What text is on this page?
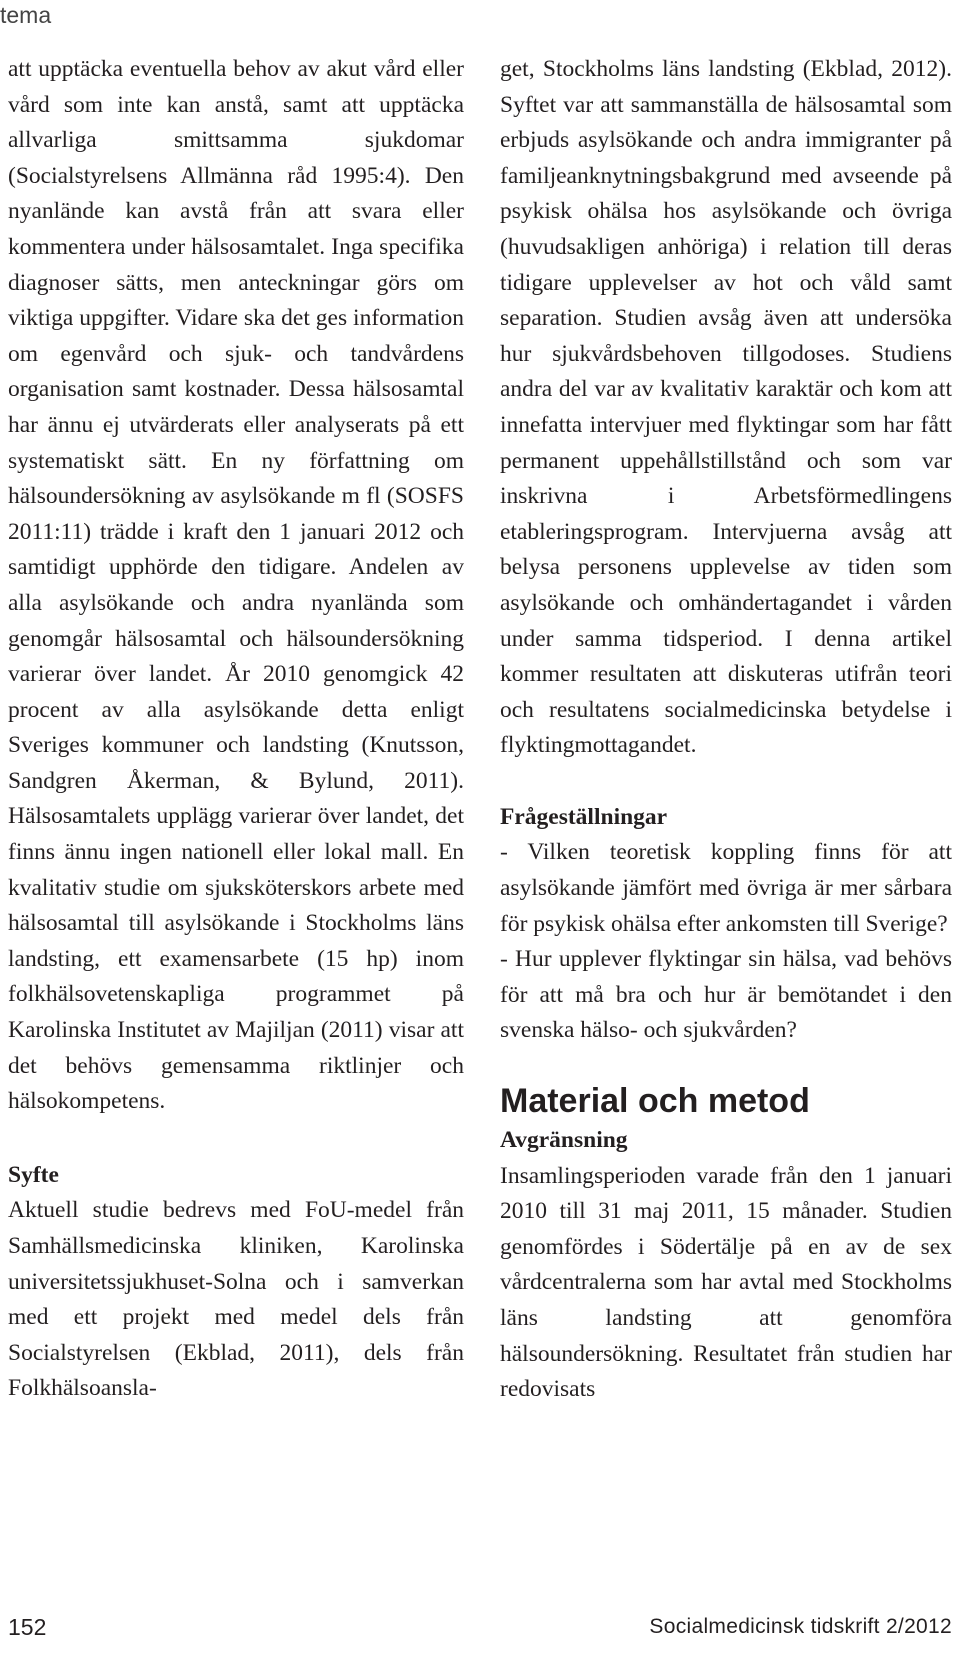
tema

att upptäcka eventuella behov av akut vård eller vård som inte kan anstå, samt att upptäcka allvarliga smittsamma sjukdomar (Socialstyrelsens Allmänna råd 1995:4). Den nyanlände kan avstå från att svara eller kommentera under hälsosamtalet. Inga specifika diagnoser sätts, men anteckningar görs om viktiga uppgifter. Vidare ska det ges information om egenvård och sjuk- och tandvårdens organisation samt kostnader. Dessa hälsosamtal har ännu ej utvärderats eller analyserats på ett systematiskt sätt. En ny författning om hälsoundersökning av asylsökande m fl (SOSFS 2011:11) trädde i kraft den 1 januari 2012 och samtidigt upphörde den tidigare. Andelen av alla asylsökande och andra nyanlända som genomgår hälsosamtal och hälsoundersökning varierar över landet. År 2010 genomgick 42 procent av alla asylsökande detta enligt Sveriges kommuner och landsting (Knutsson, Sandgren Åkerman, & Bylund, 2011). Hälsosamtalets upplägg varierar över landet, det finns ännu ingen nationell eller lokal mall. En kvalitativ studie om sjuksköterskors arbete med hälsosamtal till asylsökande i Stockholms läns landsting, ett examensarbete (15 hp) inom folkhälsovetenskapliga programmet på Karolinska Institutet av Majiljan (2011) visar att det behövs gemensamma riktlinjer och hälsokompetens.

Syfte

Aktuell studie bedrevs med FoU-medel från Samhällsmedicinska kliniken, Karolinska universitetssjukhuset-Solna och i samverkan med ett projekt med medel dels från Socialstyrelsen (Ekblad, 2011), dels från Folkhälsoansla-

get, Stockholms läns landsting (Ekblad, 2012). Syftet var att sammanställa de hälsosamtal som erbjuds asylsökande och andra immigranter på familjeanknytningsbakgrund med avseende på psykisk ohälsa hos asylsökande och övriga (huvudsakligen anhöriga) i relation till deras tidigare upplevelser av hot och våld samt separation. Studien avsåg även att undersöka hur sjukvårdsbehoven tillgodoses. Studiens andra del var av kvalitativ karaktär och kom att innefatta intervjuer med flyktingar som har fått permanent uppehållstillstånd och som var inskrivna i Arbetsförmedlingens etableringsprogram. Intervjuerna avsåg att belysa personens upplevelse av tiden som asylsökande och omhändertagandet i vården under samma tidsperiod. I denna artikel kommer resultaten att diskuteras utifrån teori och resultatens socialmedicinska betydelse i flyktingmottagandet.

Frågeställningar

- Vilken teoretisk koppling finns för att asylsökande jämfört med övriga är mer sårbara för psykisk ohälsa efter ankomsten till Sverige?

- Hur upplever flyktingar sin hälsa, vad behövs för att må bra och hur är bemötandet i den svenska hälso- och sjukvården?

Material och metod
Avgränsning

Insamlingsperioden varade från den 1 januari 2010 till 31 maj 2011, 15 månader. Studien genomfördes i Södertälje på en av de sex vårdcentralerna som har avtal med Stockholms läns landsting att genomföra hälsoundersökning. Resultatet från studien har redovisats

152	Socialmedicinsk tidskrift 2/2012
